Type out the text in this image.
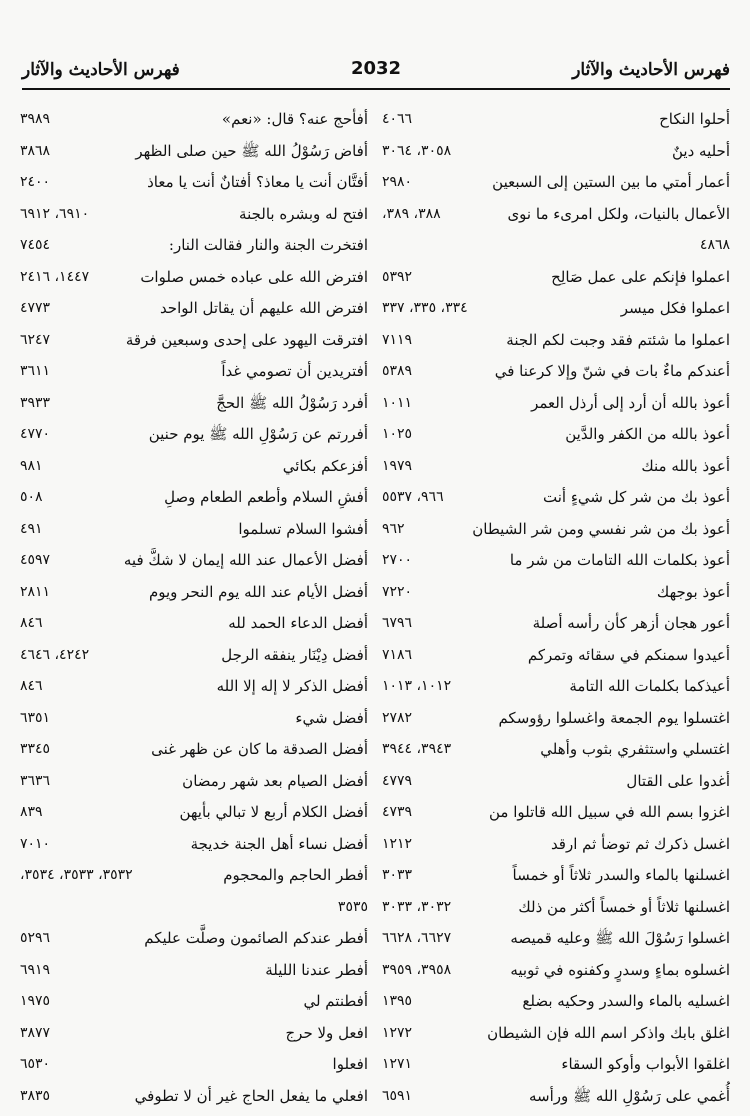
فهرس الأحاديث والآثار
2032
فهرس الأحاديث والآثار
أحلوا النكاح
٤٠٦٦
أحليه دينٌ
٣٠٥٨، ٣٠٦٤
أعمار أمتي ما بين الستين إلى السبعين
٢٩٨٠
الأعمال بالنيات، ولكل امرىء ما نوى
٣٨٨، ٣٨٩،
٤٨٦٨
اعملوا فإنكم على عمل صَالِح
٥٣٩٢
اعملوا فكل ميسر
٣٣٤، ٣٣٥، ٣٣٧
اعملوا ما شئتم فقد وجبت لكم الجنة
٧١١٩
أعندكم ماءٌ بات في شنّ وإلا كرعنا في
٥٣٨٩
أعوذ بالله أن أرد إلى أرذل العمر
١٠١١
أعوذ بالله من الكفر والدَّين
١٠٢٥
أعوذ بالله منك
١٩٧٩
أعوذ بك من شر كل شيءٍ أنت
٩٦٦، ٥٥٣٧
أعوذ بك من شر نفسي ومن شر الشيطان
٩٦٢
أعوذ بكلمات الله التامات من شر ما
٢٧٠٠
أعوذ بوجهك
٧٢٢٠
أعور هجان أزهر كأن رأسه أصلة
٦٧٩٦
أعيدوا سمنكم في سقائه وتمركم
٧١٨٦
أعيذكما بكلمات الله التامة
١٠١٢، ١٠١٣
اغتسلوا يوم الجمعة واغسلوا رؤوسكم
٢٧٨٢
اغتسلي واستثفري بثوب وأهلي
٣٩٤٣، ٣٩٤٤
أغدوا على القتال
٤٧٧٩
اغزوا بسم الله في سبيل الله قاتلوا من
٤٧٣٩
اغسل ذكرك ثم توضأ ثم ارقد
١٢١٢
اغسلنها بالماء والسدر ثلاثاً أو خمساً
٣٠٣٣
اغسلنها ثلاثاً أو خمساً أكثر من ذلك
٣٠٣٢، ٣٠٣٣
اغسلوا رَسُوْلَ الله ﷺ وعليه قميصه
٦٦٢٧، ٦٦٢٨
اغسلوه بماءٍ وسدرٍ وكفنوه في ثوبيه
٣٩٥٨، ٣٩٥٩
اغسليه بالماء والسدر وحكيه بضلع
١٣٩٥
اغلق بابك واذكر اسم الله فإن الشيطان
١٢٧٢
اغلقوا الأبواب وأوكو السقاء
١٢٧١
أُغمي على رَسُوْلِ الله ﷺ ورأسه
٦٥٩١
أفأحج عنه؟ قال: «نعم»
٣٩٨٩
أفاض رَسُوْلُ الله ﷺ حين صلى الظهر
٣٨٦٨
أفتَّان أنت يا معاذ؟ أفتانٌ أنت يا معاذ
٢٤٠٠
افتح له وبشره بالجنة
٦٩١٠، ٦٩١٢
افتخرت الجنة والنار فقالت النار:
٧٤٥٤
افترض الله على عباده خمس صلوات
١٤٤٧، ٢٤١٦
افترض الله عليهم أن يقاتل الواحد
٤٧٧٣
افترقت اليهود على إحدى وسبعين فرقة
٦٢٤٧
أفتريدين أن تصومي غداً
٣٦١١
أفرد رَسُوْلُ الله ﷺ الحجَّ
٣٩٣٣
أفررتم عن رَسُوْلِ الله ﷺ يوم حنين
٤٧٧٠
أفزعكم بكائي
٩٨١
أفشِ السلام وأطعم الطعام وصلِ
٥٠٨
أفشوا السلام تسلموا
٤٩١
أفضل الأعمال عند الله إيمان لا شكَّ فيه
٤٥٩٧
أفضل الأيام عند الله يوم النحر ويوم
٢٨١١
أفضل الدعاء الحمد لله
٨٤٦
أفضل دِيْنَار ينفقه الرجل
٤٢٤٢، ٤٦٤٦
أفضل الذكر لا إله إلا الله
٨٤٦
أفضل شيء
٦٣٥١
أفضل الصدقة ما كان عن ظهر غنى
٣٣٤٥
أفضل الصيام بعد شهر رمضان
٣٦٣٦
أفضل الكلام أربع لا تبالي بأيهن
٨٣٩
أفضل نساء أهل الجنة خديجة
٧٠١٠
أفطر الحاجم والمحجوم
٣٥٣٢، ٣٥٣٣، ٣٥٣٤،
٣٥٣٥
أفطر عندكم الصائمون وصلَّت عليكم
٥٢٩٦
أفطر عندنا الليلة
٦٩١٩
أفطنتم لي
١٩٧٥
افعل ولا حرج
٣٨٧٧
افعلوا
٦٥٣٠
افعلي ما يفعل الحاج غير أن لا تطوفي
٣٨٣٥
